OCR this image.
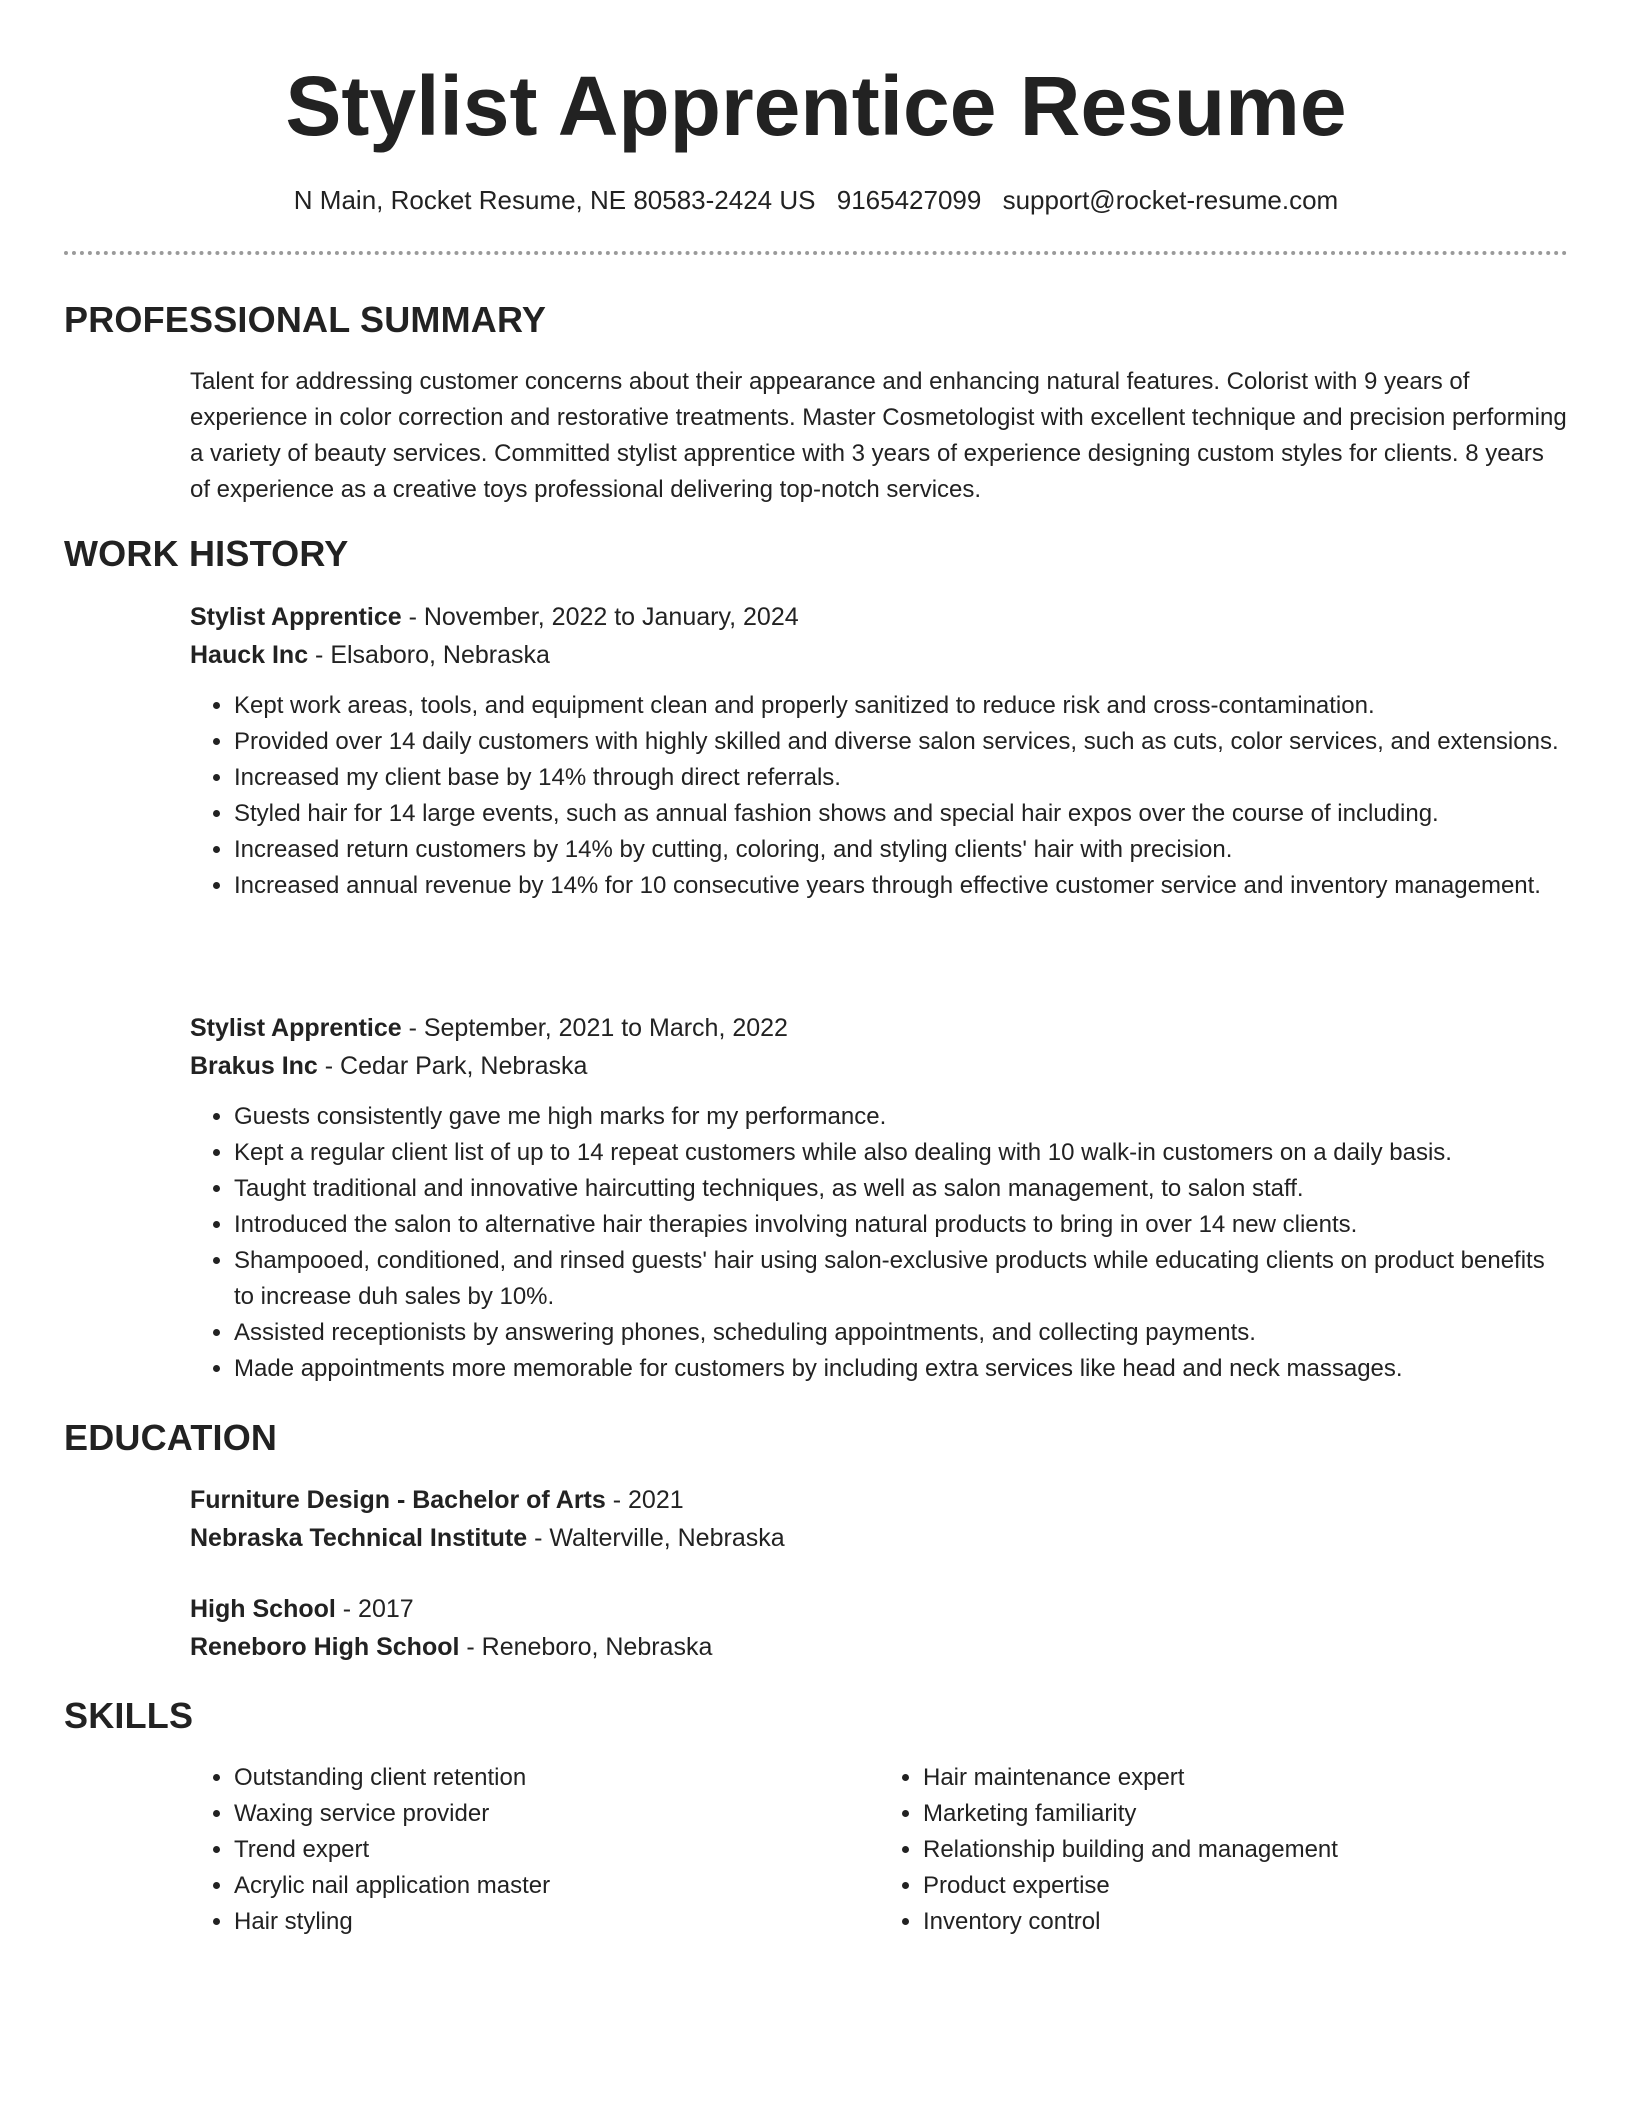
Stylist Apprentice Resume
N Main, Rocket Resume, NE 80583-2424 US 9165427099 support@rocket-resume.com
PROFESSIONAL SUMMARY
Talent for addressing customer concerns about their appearance and enhancing natural features. Colorist with 9 years of experience in color correction and restorative treatments. Master Cosmetologist with excellent technique and precision performing a variety of beauty services. Committed stylist apprentice with 3 years of experience designing custom styles for clients. 8 years of experience as a creative toys professional delivering top-notch services.
WORK HISTORY
Stylist Apprentice - November, 2022 to January, 2024
Hauck Inc - Elsaboro, Nebraska
• Kept work areas, tools, and equipment clean and properly sanitized to reduce risk and cross-contamination.
• Provided over 14 daily customers with highly skilled and diverse salon services, such as cuts, color services, and extensions.
• Increased my client base by 14% through direct referrals.
• Styled hair for 14 large events, such as annual fashion shows and special hair expos over the course of including.
• Increased return customers by 14% by cutting, coloring, and styling clients' hair with precision.
• Increased annual revenue by 14% for 10 consecutive years through effective customer service and inventory management.
Stylist Apprentice - September, 2021 to March, 2022
Brakus Inc - Cedar Park, Nebraska
• Guests consistently gave me high marks for my performance.
• Kept a regular client list of up to 14 repeat customers while also dealing with 10 walk-in customers on a daily basis.
• Taught traditional and innovative haircutting techniques, as well as salon management, to salon staff.
• Introduced the salon to alternative hair therapies involving natural products to bring in over 14 new clients.
• Shampooed, conditioned, and rinsed guests' hair using salon-exclusive products while educating clients on product benefits to increase duh sales by 10%.
• Assisted receptionists by answering phones, scheduling appointments, and collecting payments.
• Made appointments more memorable for customers by including extra services like head and neck massages.
EDUCATION
Furniture Design - Bachelor of Arts - 2021
Nebraska Technical Institute - Walterville, Nebraska
High School - 2017
Reneboro High School - Reneboro, Nebraska
SKILLS
• Outstanding client retention
• Waxing service provider
• Trend expert
• Acrylic nail application master
• Hair styling
• Hair maintenance expert
• Marketing familiarity
• Relationship building and management
• Product expertise
• Inventory control
